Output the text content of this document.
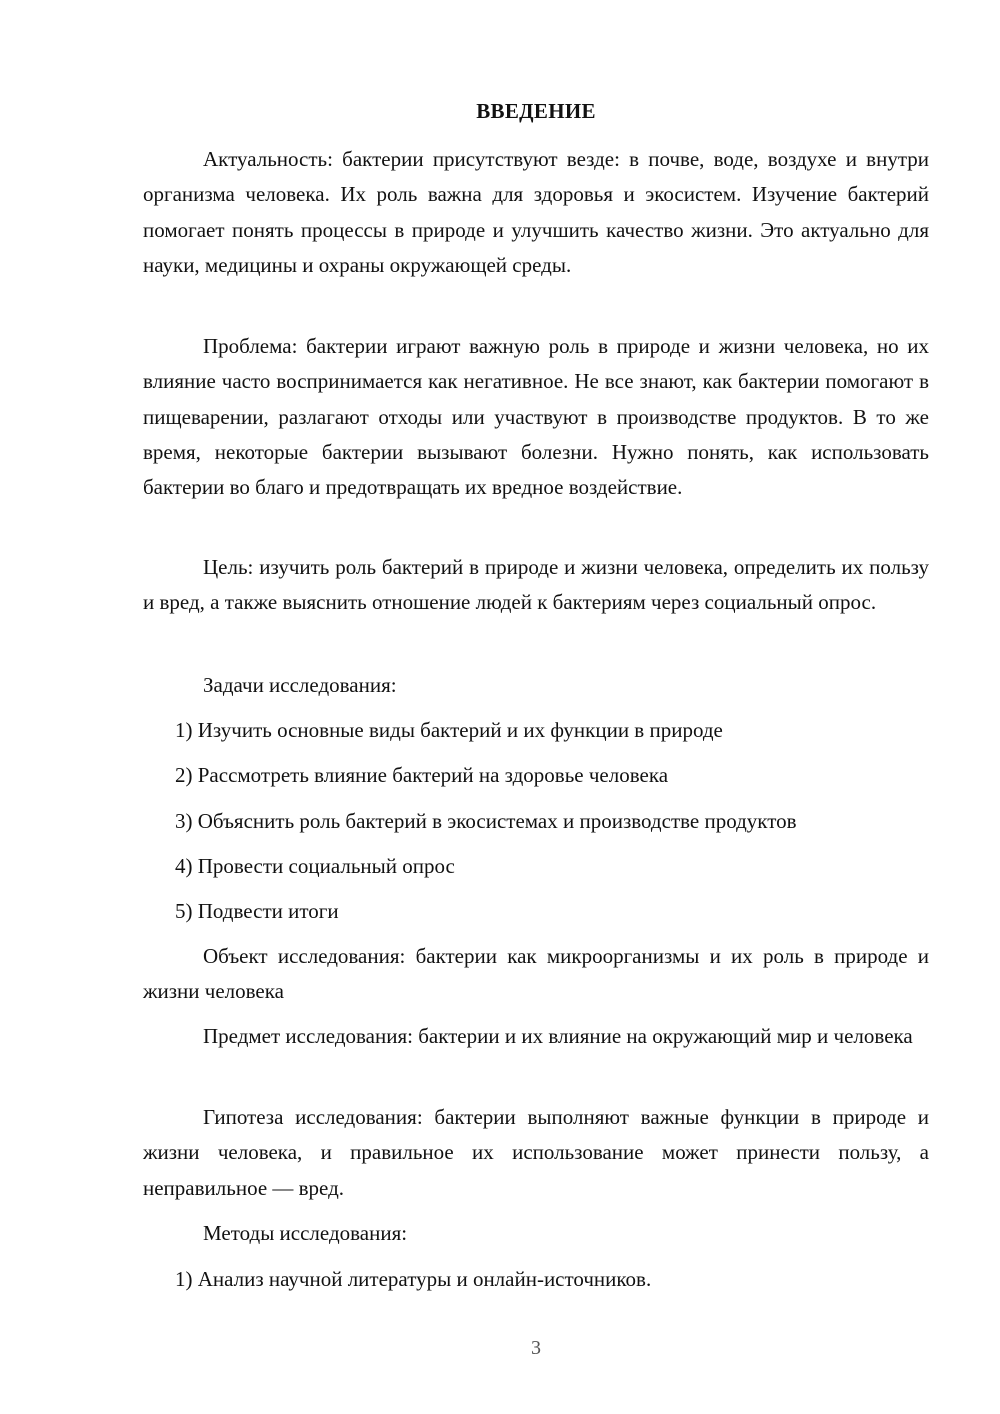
ВВЕДЕНИЕ

Актуальность: бактерии присутствуют везде: в почве, воде, воздухе и внутри организма человека. Их роль важна для здоровья и экосистем. Изучение бактерий помогает понять процессы в природе и улучшить качество жизни. Это актуально для науки, медицины и охраны окружающей среды.

Проблема: бактерии играют важную роль в природе и жизни человека, но их влияние часто воспринимается как негативное. Не все знают, как бактерии помогают в пищеварении, разлагают отходы или участвуют в производстве продуктов. В то же время, некоторые бактерии вызывают болезни. Нужно понять, как использовать бактерии во благо и предотвращать их вредное воздействие.

Цель: изучить роль бактерий в природе и жизни человека, определить их пользу и вред, а также выяснить отношение людей к бактериям через социальный опрос.

Задачи исследования:
1) Изучить основные виды бактерий и их функции в природе
2) Рассмотреть влияние бактерий на здоровье человека
3) Объяснить роль бактерий в экосистемах и производстве продуктов
4) Провести социальный опрос
5) Подвести итоги

Объект исследования: бактерии как микроорганизмы и их роль в природе и жизни человека

Предмет исследования: бактерии и их влияние на окружающий мир и человека

Гипотеза исследования: бактерии выполняют важные функции в природе и жизни человека, и правильное их использование может принести пользу, а неправильное — вред.

Методы исследования:
1) Анализ научной литературы и онлайн-источников.
3
